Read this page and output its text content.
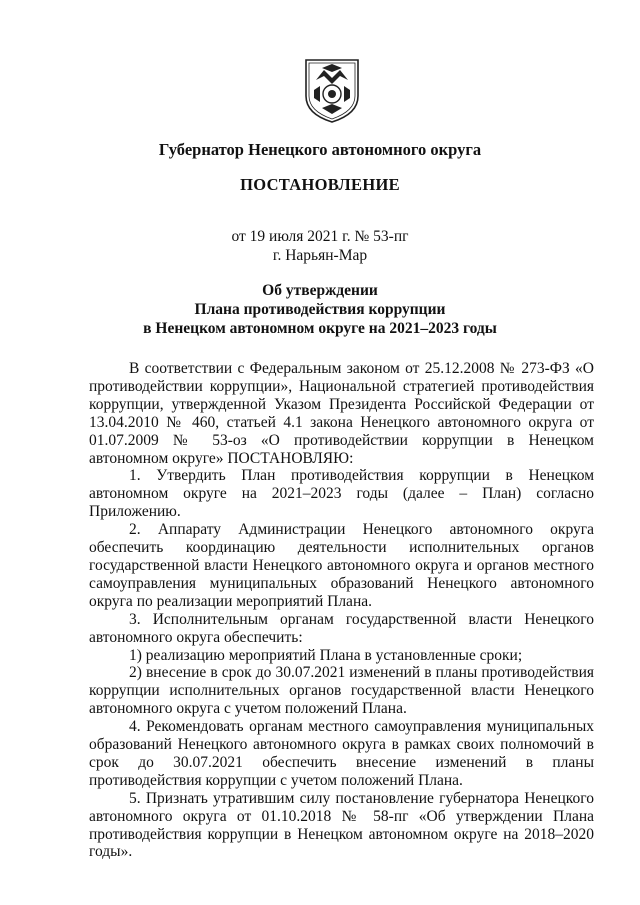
Губернатор Ненецкого автономного округа
ПОСТАНОВЛЕНИЕ
от 19 июля 2021 г. № 53-пг
г. Нарьян-Мар
Об утверждении
Плана противодействия коррупции
в Ненецком автономном округе на 2021–2023 годы

В соответствии с Федеральным законом от 25.12.2008 № 273-ФЗ «О противодействии коррупции», Национальной стратегией противодействия коррупции, утвержденной Указом Президента Российской Федерации от 13.04.2010 № 460, статьей 4.1 закона Ненецкого автономного округа от 01.07.2009 № 53-оз «О противодействии коррупции в Ненецком автономном округе» ПОСТАНОВЛЯЮ:

1. Утвердить План противодействия коррупции в Ненецком автономном округе на 2021–2023 годы (далее – План) согласно Приложению.

2. Аппарату Администрации Ненецкого автономного округа обеспечить координацию деятельности исполнительных органов государственной власти Ненецкого автономного округа и органов местного самоуправления муниципальных образований Ненецкого автономного округа по реализации мероприятий Плана.

3. Исполнительным органам государственной власти Ненецкого автономного округа обеспечить:

1) реализацию мероприятий Плана в установленные сроки;

2) внесение в срок до 30.07.2021 изменений в планы противодействия коррупции исполнительных органов государственной власти Ненецкого автономного округа с учетом положений Плана.

4. Рекомендовать органам местного самоуправления муниципальных образований Ненецкого автономного округа в рамках своих полномочий в срок до 30.07.2021 обеспечить внесение изменений в планы противодействия коррупции с учетом положений Плана.

5. Признать утратившим силу постановление губернатора Ненецкого автономного округа от 01.10.2018 № 58-пг «Об утверждении Плана противодействия коррупции в Ненецком автономном округе на 2018–2020 годы».
